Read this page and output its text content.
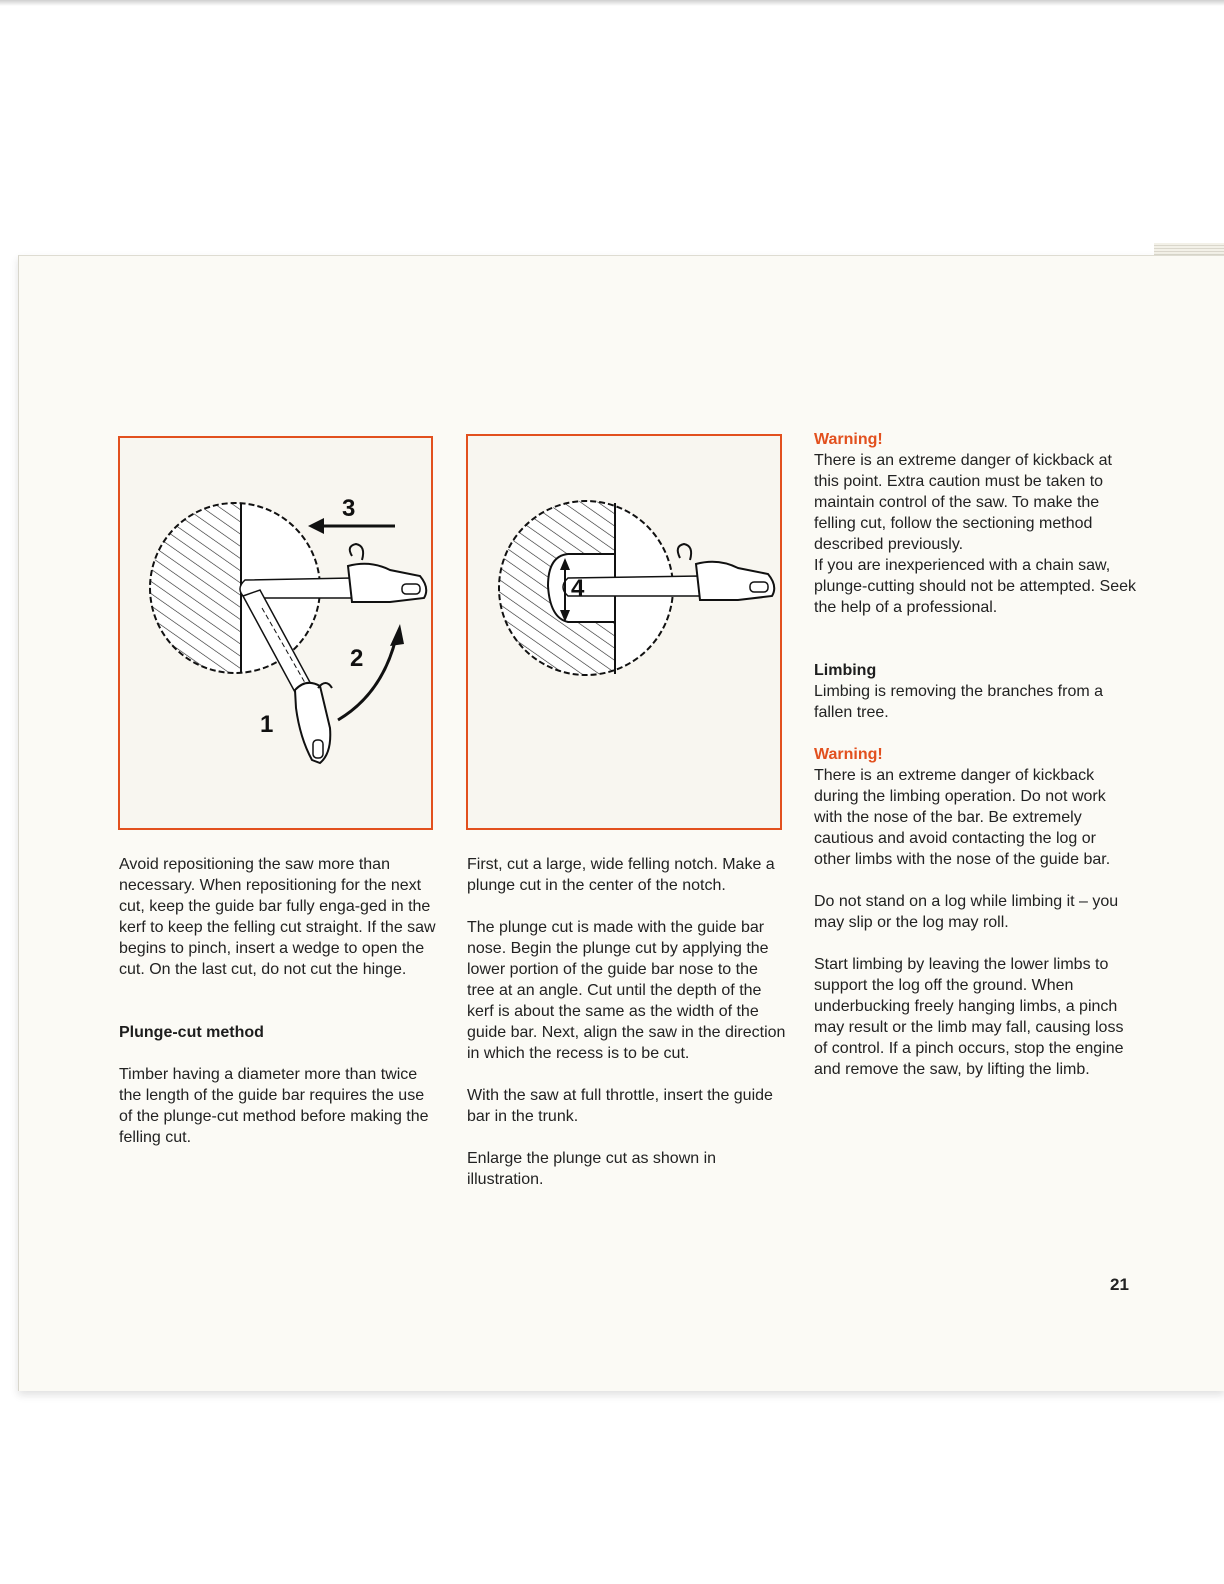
3
2
1
4

Avoid repositioning the saw more than necessary. When repositioning for the next cut, keep the guide bar fully enga-ged in the kerf to keep the felling cut straight. If the saw begins to pinch, insert a wedge to open the cut. On the last cut, do not cut the hinge.

Plunge-cut method

Timber having a diameter more than twice the length of the guide bar requires the use of the plunge-cut method before making the felling cut.

First, cut a large, wide felling notch. Make a plunge cut in the center of the notch.

The plunge cut is made with the guide bar nose. Begin the plunge cut by applying the lower portion of the guide bar nose to the tree at an angle. Cut until the depth of the kerf is about the same as the width of the guide bar. Next, align the saw in the direction in which the recess is to be cut.

With the saw at full throttle, insert the guide bar in the trunk.

Enlarge the plunge cut as shown in illustration.

Warning!
There is an extreme danger of kickback at this point. Extra caution must be taken to maintain control of the saw. To make the felling cut, follow the sectioning method described previously.
If you are inexperienced with a chain saw, plunge-cutting should not be attempted. Seek the help of a professional.
Limbing

Limbing is removing the branches from a fallen tree.

Warning!

There is an extreme danger of kickback during the limbing operation. Do not work with the nose of the bar. Be extremely cautious and avoid contacting the log or other limbs with the nose of the guide bar.

Do not stand on a log while limbing it – you may slip or the log may roll.

Start limbing by leaving the lower limbs to support the log off the ground. When underbucking freely hanging limbs, a pinch may result or the limb may fall, causing loss of control. If a pinch occurs, stop the engine and remove the saw, by lifting the limb.

21
